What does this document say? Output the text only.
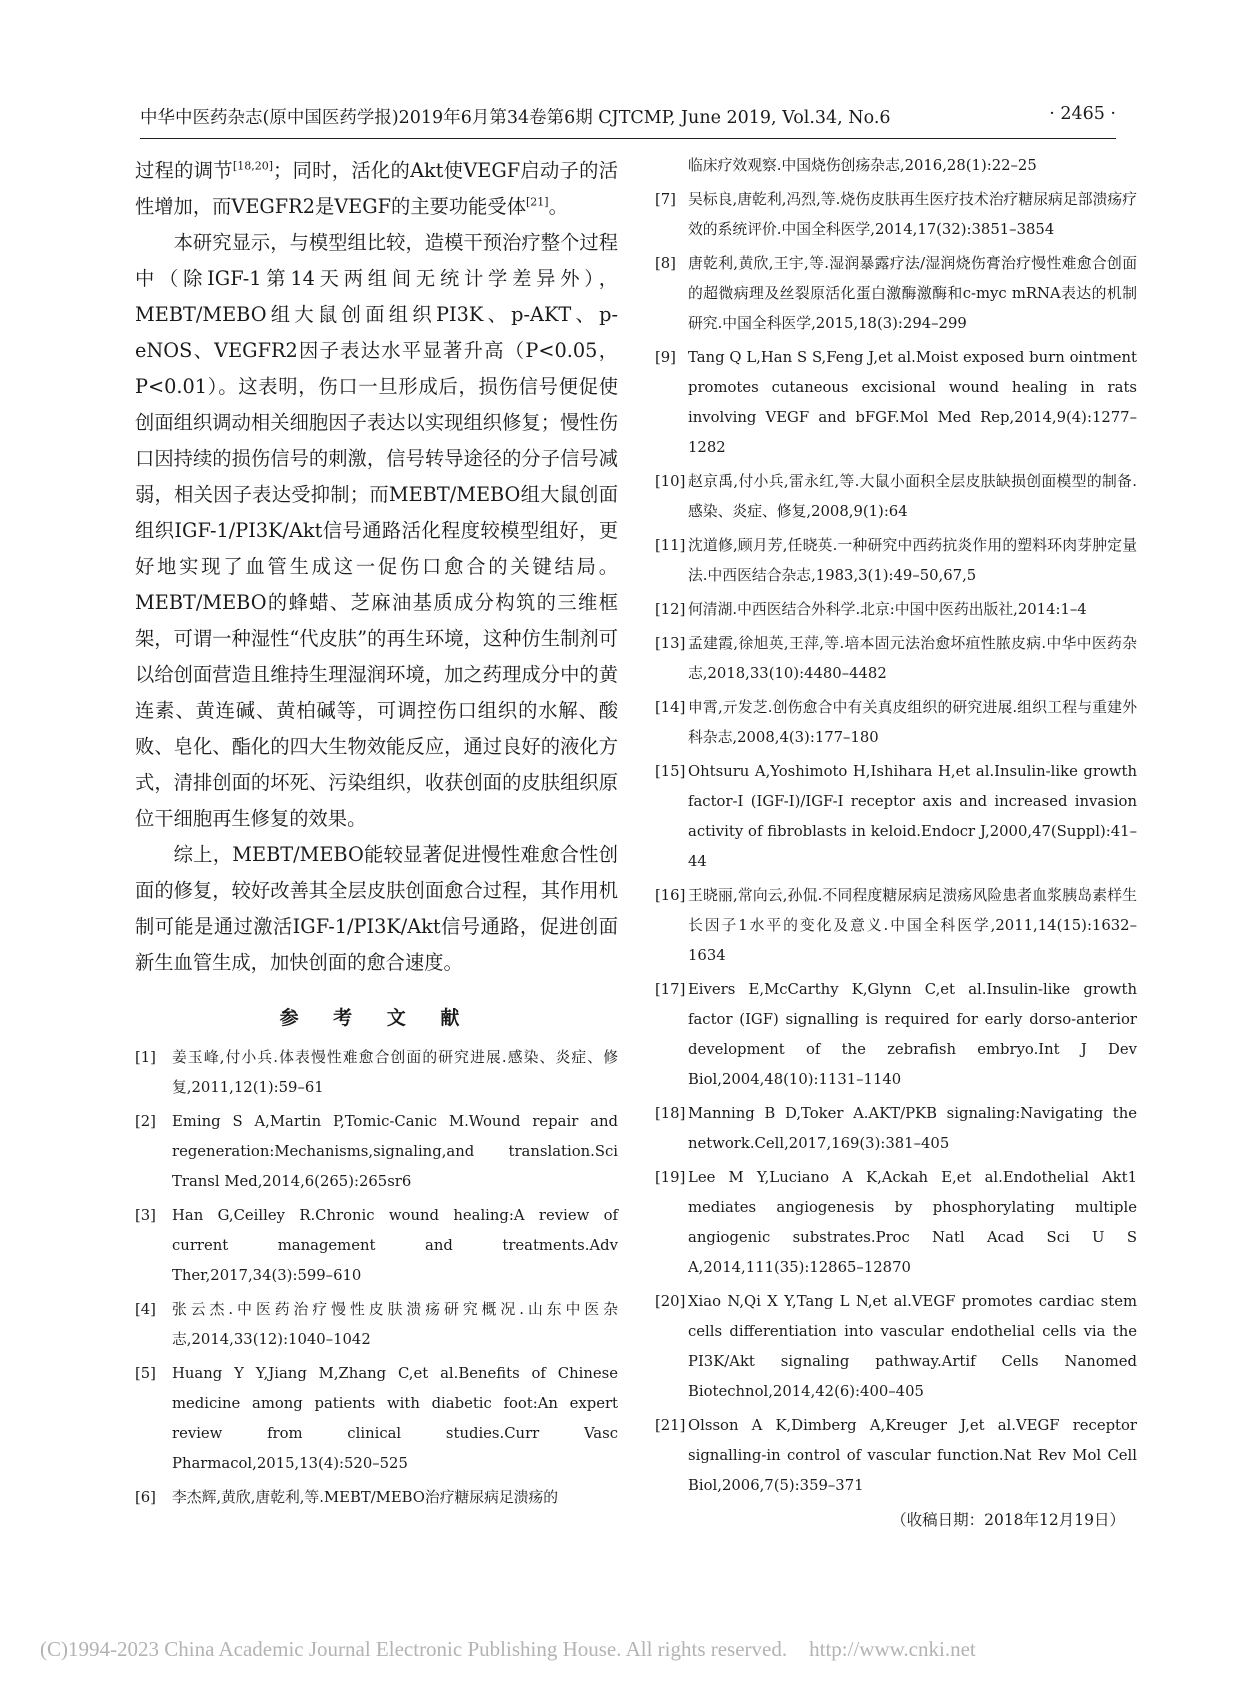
中华中医药杂志(原中国医药学报)2019年6月第34卷第6期 CJTCMP, June 2019, Vol.34, No.6	· 2465 ·

过程的调节[18,20]；同时，活化的Akt使VEGF启动子的活性增加，而VEGFR2是VEGF的主要功能受体[21]。

本研究显示，与模型组比较，造模干预治疗整个过程中（除IGF-1第14天两组间无统计学差异外），MEBT/MEBO组大鼠创面组织PI3K、p-AKT、p-eNOS、VEGFR2因子表达水平显著升高（P<0.05，P<0.01）。这表明，伤口一旦形成后，损伤信号便促使创面组织调动相关细胞因子表达以实现组织修复；慢性伤口因持续的损伤信号的刺激，信号转导途径的分子信号减弱，相关因子表达受抑制；而MEBT/MEBO组大鼠创面组织IGF-1/PI3K/Akt信号通路活化程度较模型组好，更好地实现了血管生成这一促伤口愈合的关键结局。MEBT/MEBO的蜂蜡、芝麻油基质成分构筑的三维框架，可谓一种湿性“代皮肤”的再生环境，这种仿生制剂可以给创面营造且维持生理湿润环境，加之药理成分中的黄连素、黄连碱、黄柏碱等，可调控伤口组织的水解、酸败、皂化、酯化的四大生物效能反应，通过良好的液化方式，清排创面的坏死、污染组织，收获创面的皮肤组织原位干细胞再生修复的效果。

综上，MEBT/MEBO能较显著促进慢性难愈合性创面的修复，较好改善其全层皮肤创面愈合过程，其作用机制可能是通过激活IGF-1/PI3K/Akt信号通路，促进创面新生血管生成，加快创面的愈合速度。

参 考 文 献

[1] 姜玉峰,付小兵.体表慢性难愈合创面的研究进展.感染、炎症、修复,2011,12(1):59–61

[2] Eming S A,Martin P,Tomic-Canic M.Wound repair and regeneration:Mechanisms,signaling,and translation.Sci Transl Med,2014,6(265):265sr6

[3] Han G,Ceilley R.Chronic wound healing:A review of current management and treatments.Adv Ther,2017,34(3):599–610

[4] 张云杰.中医药治疗慢性皮肤溃疡研究概况.山东中医杂志,2014,33(12):1040–1042

[5] Huang Y Y,Jiang M,Zhang C,et al.Benefits of Chinese medicine among patients with diabetic foot:An expert review from clinical studies.Curr Vasc Pharmacol,2015,13(4):520–525

[6] 李杰辉,黄欣,唐乾利,等.MEBT/MEBO治疗糖尿病足溃疡的

临床疗效观察.中国烧伤创疡杂志,2016,28(1):22–25

[7] 吴标良,唐乾利,冯烈,等.烧伤皮肤再生医疗技术治疗糖尿病足部溃疡疗效的系统评价.中国全科医学,2014,17(32):3851–3854

[8] 唐乾利,黄欣,王宇,等.湿润暴露疗法/湿润烧伤膏治疗慢性难愈合创面的超微病理及丝裂原活化蛋白激酶激酶和c-myc mRNA表达的机制研究.中国全科医学,2015,18(3):294–299

[9] Tang Q L,Han S S,Feng J,et al.Moist exposed burn ointment promotes cutaneous excisional wound healing in rats involving VEGF and bFGF.Mol Med Rep,2014,9(4):1277–1282

[10] 赵京禹,付小兵,雷永红,等.大鼠小面积全层皮肤缺损创面模型的制备.感染、炎症、修复,2008,9(1):64

[11] 沈道修,顾月芳,任晓英.一种研究中西药抗炎作用的塑料环肉芽肿定量法.中西医结合杂志,1983,3(1):49–50,67,5

[12] 何清湖.中西医结合外科学.北京:中国中医药出版社,2014:1–4

[13] 孟建霞,徐旭英,王萍,等.培本固元法治愈坏疽性脓皮病.中华中医药杂志,2018,33(10):4480–4482

[14] 申霄,亓发芝.创伤愈合中有关真皮组织的研究进展.组织工程与重建外科杂志,2008,4(3):177–180

[15] Ohtsuru A,Yoshimoto H,Ishihara H,et al.Insulin-like growth factor-I (IGF-I)/IGF-I receptor axis and increased invasion activity of fibroblasts in keloid.Endocr J,2000,47(Suppl):41–44

[16] 王晓丽,常向云,孙侃.不同程度糖尿病足溃疡风险患者血浆胰岛素样生长因子1水平的变化及意义.中国全科医学,2011,14(15):1632–1634

[17] Eivers E,McCarthy K,Glynn C,et al.Insulin-like growth factor (IGF) signalling is required for early dorso-anterior development of the zebrafish embryo.Int J Dev Biol,2004,48(10):1131–1140

[18] Manning B D,Toker A.AKT/PKB signaling:Navigating the network.Cell,2017,169(3):381–405

[19] Lee M Y,Luciano A K,Ackah E,et al.Endothelial Akt1 mediates angiogenesis by phosphorylating multiple angiogenic substrates.Proc Natl Acad Sci U S A,2014,111(35):12865–12870

[20] Xiao N,Qi X Y,Tang L N,et al.VEGF promotes cardiac stem cells differentiation into vascular endothelial cells via the PI3K/Akt signaling pathway.Artif Cells Nanomed Biotechnol,2014,42(6):400–405

[21] Olsson A K,Dimberg A,Kreuger J,et al.VEGF receptor signalling-in control of vascular function.Nat Rev Mol Cell Biol,2006,7(5):359–371

（收稿日期：2018年12月19日）
(C)1994-2023 China Academic Journal Electronic Publishing House. All rights reserved. http://www.cnki.net
